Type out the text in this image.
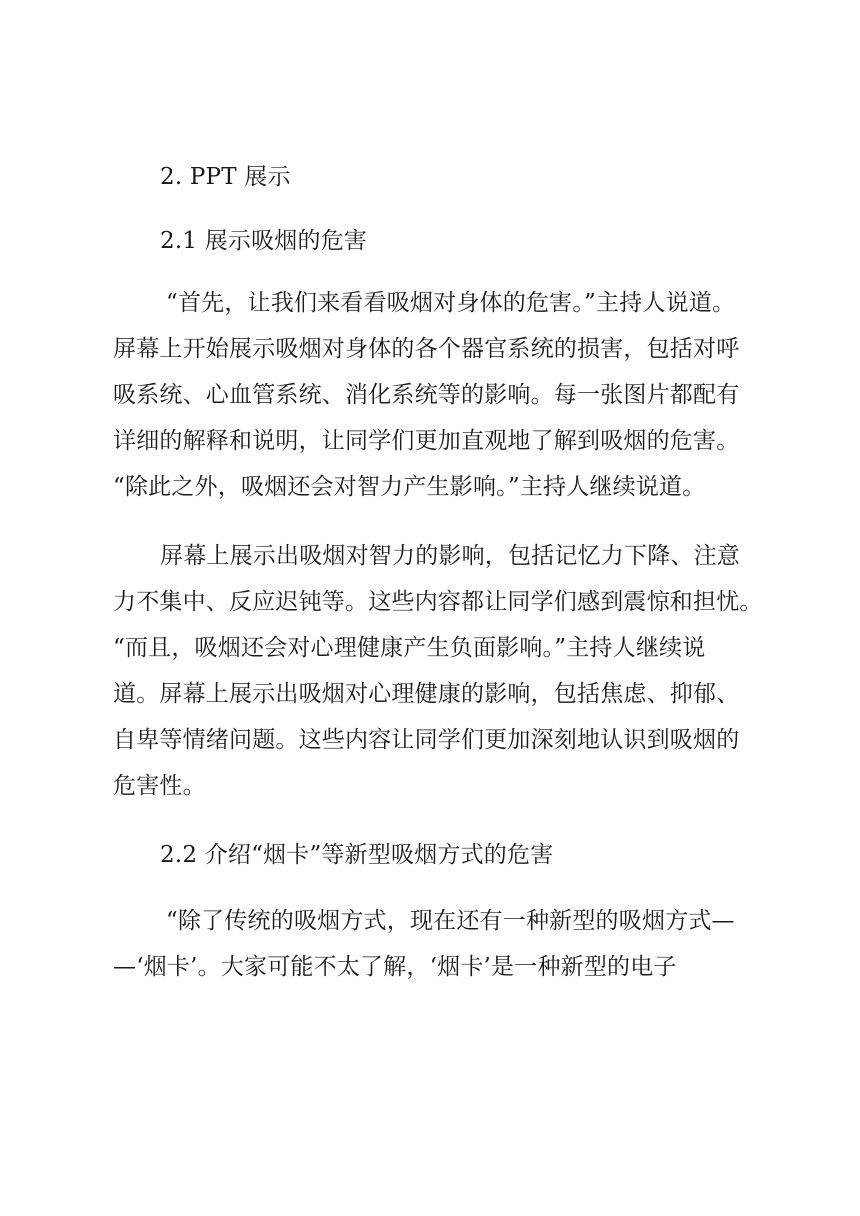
2. PPT 展示
2.1 展示吸烟的危害
“首先，让我们来看看吸烟对身体的危害。”主持人说道。
屏幕上开始展示吸烟对身体的各个器官系统的损害，包括对呼
吸系统、心血管系统、消化系统等的影响。每一张图片都配有
详细的解释和说明，让同学们更加直观地了解到吸烟的危害。
“除此之外，吸烟还会对智力产生影响。”主持人继续说道。
屏幕上展示出吸烟对智力的影响，包括记忆力下降、注意
力不集中、反应迟钝等。这些内容都让同学们感到震惊和担忧。
“而且，吸烟还会对心理健康产生负面影响。”主持人继续说
道。屏幕上展示出吸烟对心理健康的影响，包括焦虑、抑郁、
自卑等情绪问题。这些内容让同学们更加深刻地认识到吸烟的
危害性。
2.2 介绍“烟卡”等新型吸烟方式的危害
“除了传统的吸烟方式，现在还有一种新型的吸烟方式—
—‘烟卡’。大家可能不太了解，‘烟卡’是一种新型的电子
